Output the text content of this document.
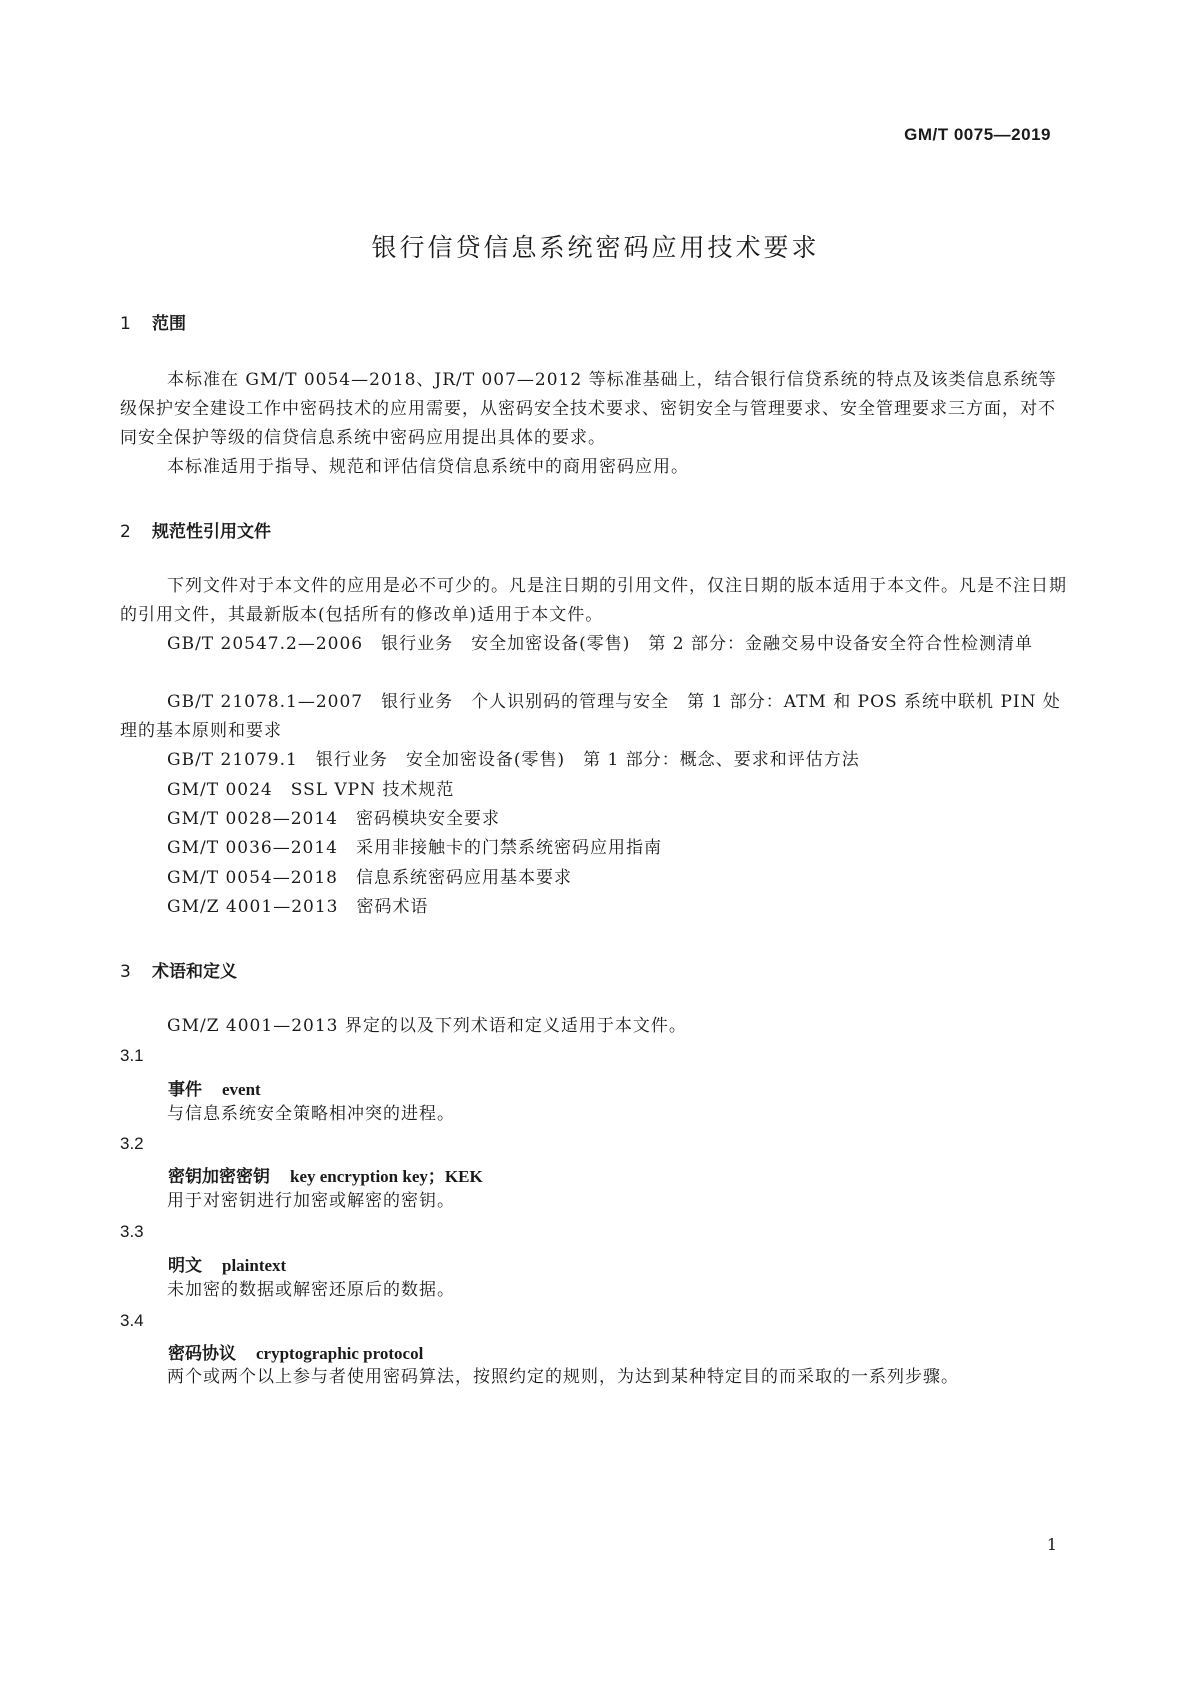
GM/T 0075—2019
银行信贷信息系统密码应用技术要求
1 范围
本标准在 GM/T 0054—2018、JR/T 007—2012 等标准基础上，结合银行信贷系统的特点及该类信息系统等级保护安全建设工作中密码技术的应用需要，从密码安全技术要求、密钥安全与管理要求、安全管理要求三方面，对不同安全保护等级的信贷信息系统中密码应用提出具体的要求。
本标准适用于指导、规范和评估信贷信息系统中的商用密码应用。
2 规范性引用文件
下列文件对于本文件的应用是必不可少的。凡是注日期的引用文件，仅注日期的版本适用于本文件。凡是不注日期的引用文件，其最新版本(包括所有的修改单)适用于本文件。
GB/T 20547.2—2006　银行业务　安全加密设备(零售)　第 2 部分：金融交易中设备安全符合性检测清单
GB/T 21078.1—2007　银行业务　个人识别码的管理与安全　第 1 部分：ATM 和 POS 系统中联机 PIN 处理的基本原则和要求
GB/T 21079.1　银行业务　安全加密设备(零售)　第 1 部分：概念、要求和评估方法
GM/T 0024　SSL VPN 技术规范
GM/T 0028—2014　密码模块安全要求
GM/T 0036—2014　采用非接触卡的门禁系统密码应用指南
GM/T 0054—2018　信息系统密码应用基本要求
GM/Z 4001—2013　密码术语
3 术语和定义
GM/Z 4001—2013 界定的以及下列术语和定义适用于本文件。
3.1
事件 event
与信息系统安全策略相冲突的进程。
3.2
密钥加密密钥 key encryption key；KEK
用于对密钥进行加密或解密的密钥。
3.3
明文 plaintext
未加密的数据或解密还原后的数据。
3.4
密码协议 cryptographic protocol
两个或两个以上参与者使用密码算法，按照约定的规则，为达到某种特定目的而采取的一系列步骤。
1
